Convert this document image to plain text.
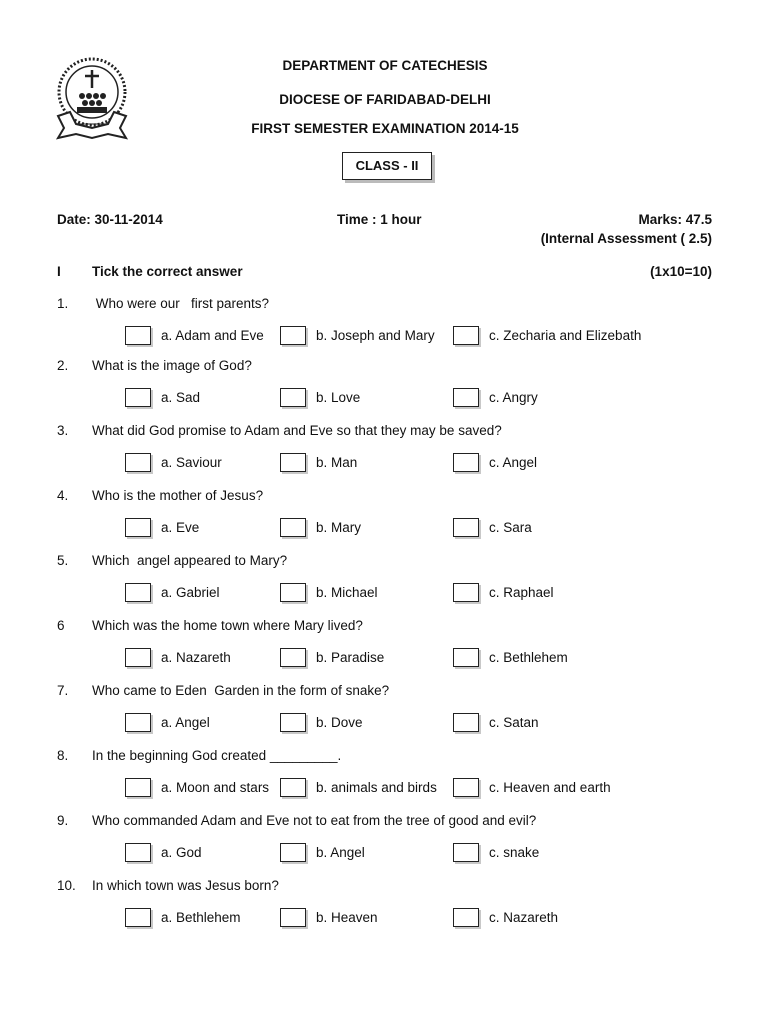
DEPARTMENT OF CATECHESIS
DIOCESE OF FARIDABAD-DELHI
FIRST SEMESTER EXAMINATION 2014-15
CLASS - II
Date: 30-11-2014	Time : 1 hour	Marks: 47.5
(Internal Assessment ( 2.5)
I Tick the correct answer	(1x10=10)
1. Who were our   first parents?
a. Adam and Eve	b. Joseph and Mary	c. Zecharia and Elizebath
2. What is the image of God?
a. Sad	b. Love	c. Angry
3. What did God promise to Adam and Eve so that they may be saved?
a. Saviour	b. Man	c. Angel
4. Who is the mother of Jesus?
a. Eve	b. Mary	c. Sara
5. Which  angel appeared to Mary?
a. Gabriel	b. Michael	c. Raphael
6 Which was the home town where Mary lived?
a. Nazareth	b. Paradise	c. Bethlehem
7. Who came to Eden  Garden in the form of snake?
a. Angel	b. Dove	c. Satan
8. In the beginning God created _________.
a. Moon and stars	b. animals and birds	c. Heaven and earth
9. Who commanded Adam and Eve not to eat from the tree of good and evil?
a. God	b. Angel	c. snake
10. In which town was Jesus born?
a. Bethlehem	b. Heaven	c. Nazareth
